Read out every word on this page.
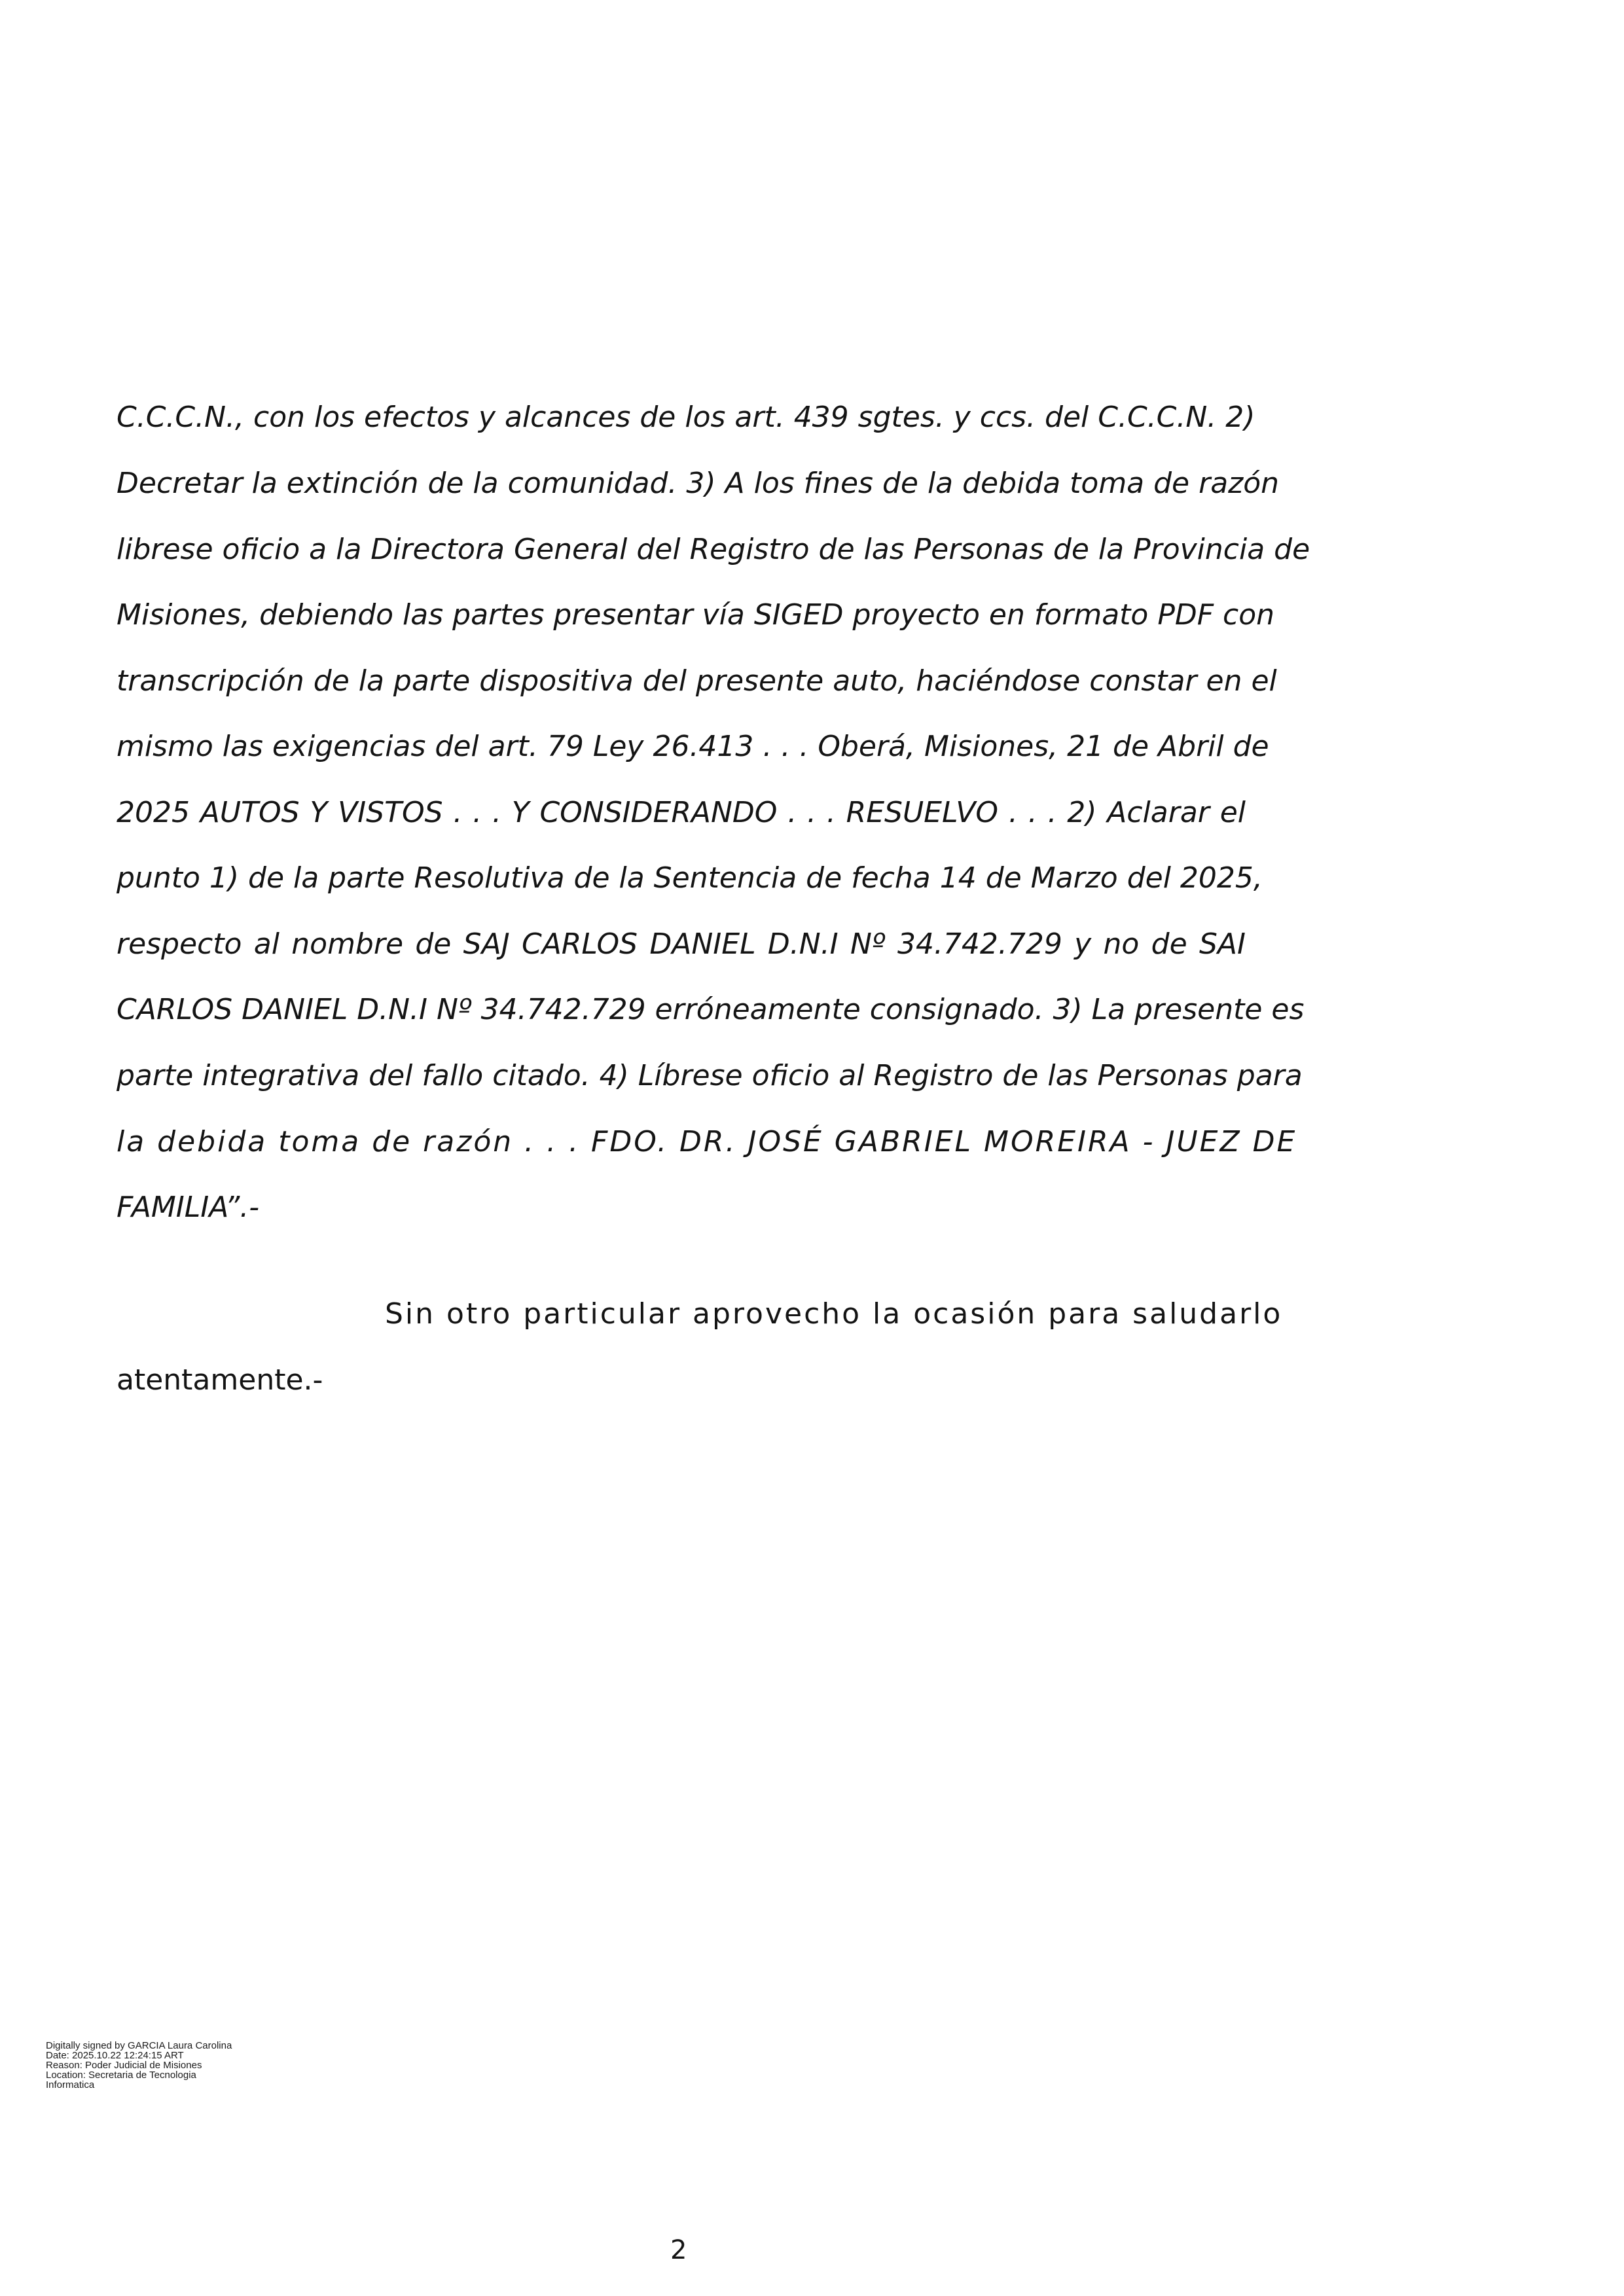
C.C.C.N., con los efectos y alcances de los art. 439 sgtes. y ccs. del C.C.C.N. 2)
Decretar la extinción de la comunidad. 3) A los fines de la debida toma de razón
librese oficio a la Directora General del Registro de las Personas de la Provincia de
Misiones, debiendo las partes presentar vía SIGED proyecto en formato PDF con
transcripción de la parte dispositiva del presente auto, haciéndose constar en el
mismo las exigencias del art. 79 Ley 26.413 . . . Oberá, Misiones, 21 de Abril de
2025 AUTOS Y VISTOS . . . Y CONSIDERANDO . . . RESUELVO . . . 2) Aclarar el
punto 1) de la parte Resolutiva de la Sentencia de fecha 14 de Marzo del 2025,
respecto al nombre de SAJ CARLOS DANIEL D.N.I Nº 34.742.729 y no de SAI
CARLOS DANIEL D.N.I Nº 34.742.729 erróneamente consignado. 3) La presente es
parte integrativa del fallo citado. 4) Líbrese oficio al Registro de las Personas para
la debida toma de razón . . . FDO. DR. JOSÉ GABRIEL MOREIRA - JUEZ DE
FAMILIA”.-
Sin otro particular aprovecho la ocasión para saludarlo
atentamente.-
Digitally signed by GARCIA Laura Carolina
Date: 2025.10.22 12:24:15 ART
Reason: Poder Judicial de Misiones
Location: Secretaria de Tecnologia
Informatica
2
